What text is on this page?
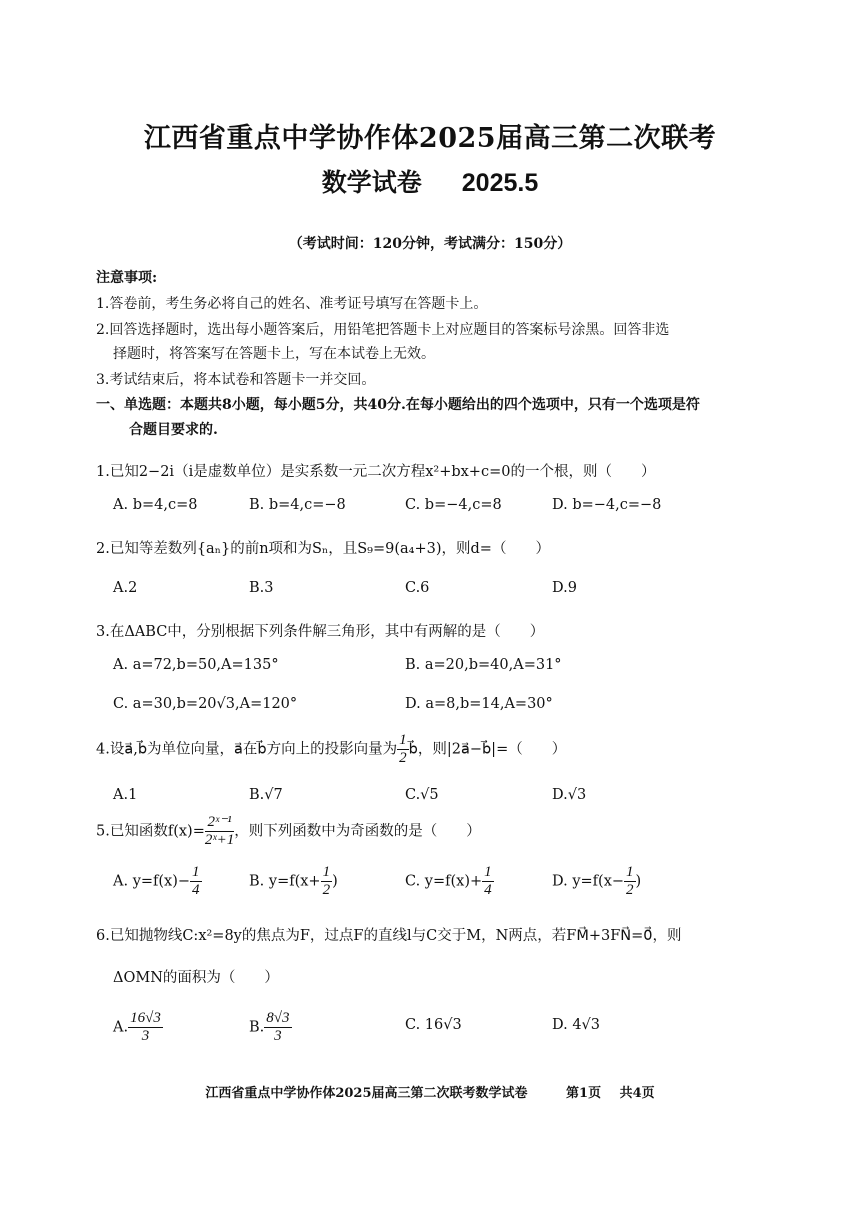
江西省重点中学协作体2025届高三第二次联考
数学试卷 2025.5
（考试时间：120分钟，考试满分：150分）
注意事项:
1.答卷前，考生务必将自己的姓名、准考证号填写在答题卡上。
2.回答选择题时，选出每小题答案后，用铅笔把答题卡上对应题目的答案标号涂黑。回答非选
择题时，将答案写在答题卡上，写在本试卷上无效。
3.考试结束后，将本试卷和答题卡一并交回。
一、单选题：本题共8小题，每小题5分，共40分.在每小题给出的四个选项中，只有一个选项是符
合题目要求的.
1.已知2−2i（i是虚数单位）是实系数一元二次方程x²+bx+c=0的一个根，则（　　）
A. b=4,c=8	B. b=4,c=−8	C. b=−4,c=8	D. b=−4,c=−8
2.已知等差数列{aₙ}的前n项和为Sₙ，且S₉=9(a₄+3)，则d=（　　）
A.2	B.3	C.6	D.9
3.在ΔABC中，分别根据下列条件解三角形，其中有两解的是（　　）
A. a=72,b=50,A=135°	B. a=20,b=40,A=31°
C. a=30,b=20√3,A=120°	D. a=8,b=14,A=30°
4.设a⃗,b⃗为单位向量，a⃗在b⃗方向上的投影向量为 $\frac{1}{2}$ b⃗，则|2a⃗−b⃗|=（　　）
A.1	B.√7	C.√5	D.√3
5.已知函数$f(x)= \frac{\text{2ˣ⁻¹}}{\text{2ˣ+1}}$ ，则下列函数中为奇函数的是（　　）
A. $y=f(x)- \frac{1}{4}$	B. $y=f(x+ \frac{1}{2}$ )	C. $y=f(x)+ \frac{1}{4}$	D. $y=f(x- \frac{1}{2}$ )
6.已知抛物线C:x²=8y的焦点为F，过点F的直线l与C交于M，N两点，若FM⃗+3FN⃗=0⃗，则
ΔOMN的面积为（　　）
A. $\frac{16√3}{3}$	B. $\frac{8√3}{3}$	C. 16√3	D. 4√3
江西省重点中学协作体2025届高三第二次联考数学试卷	第1页 共4页
